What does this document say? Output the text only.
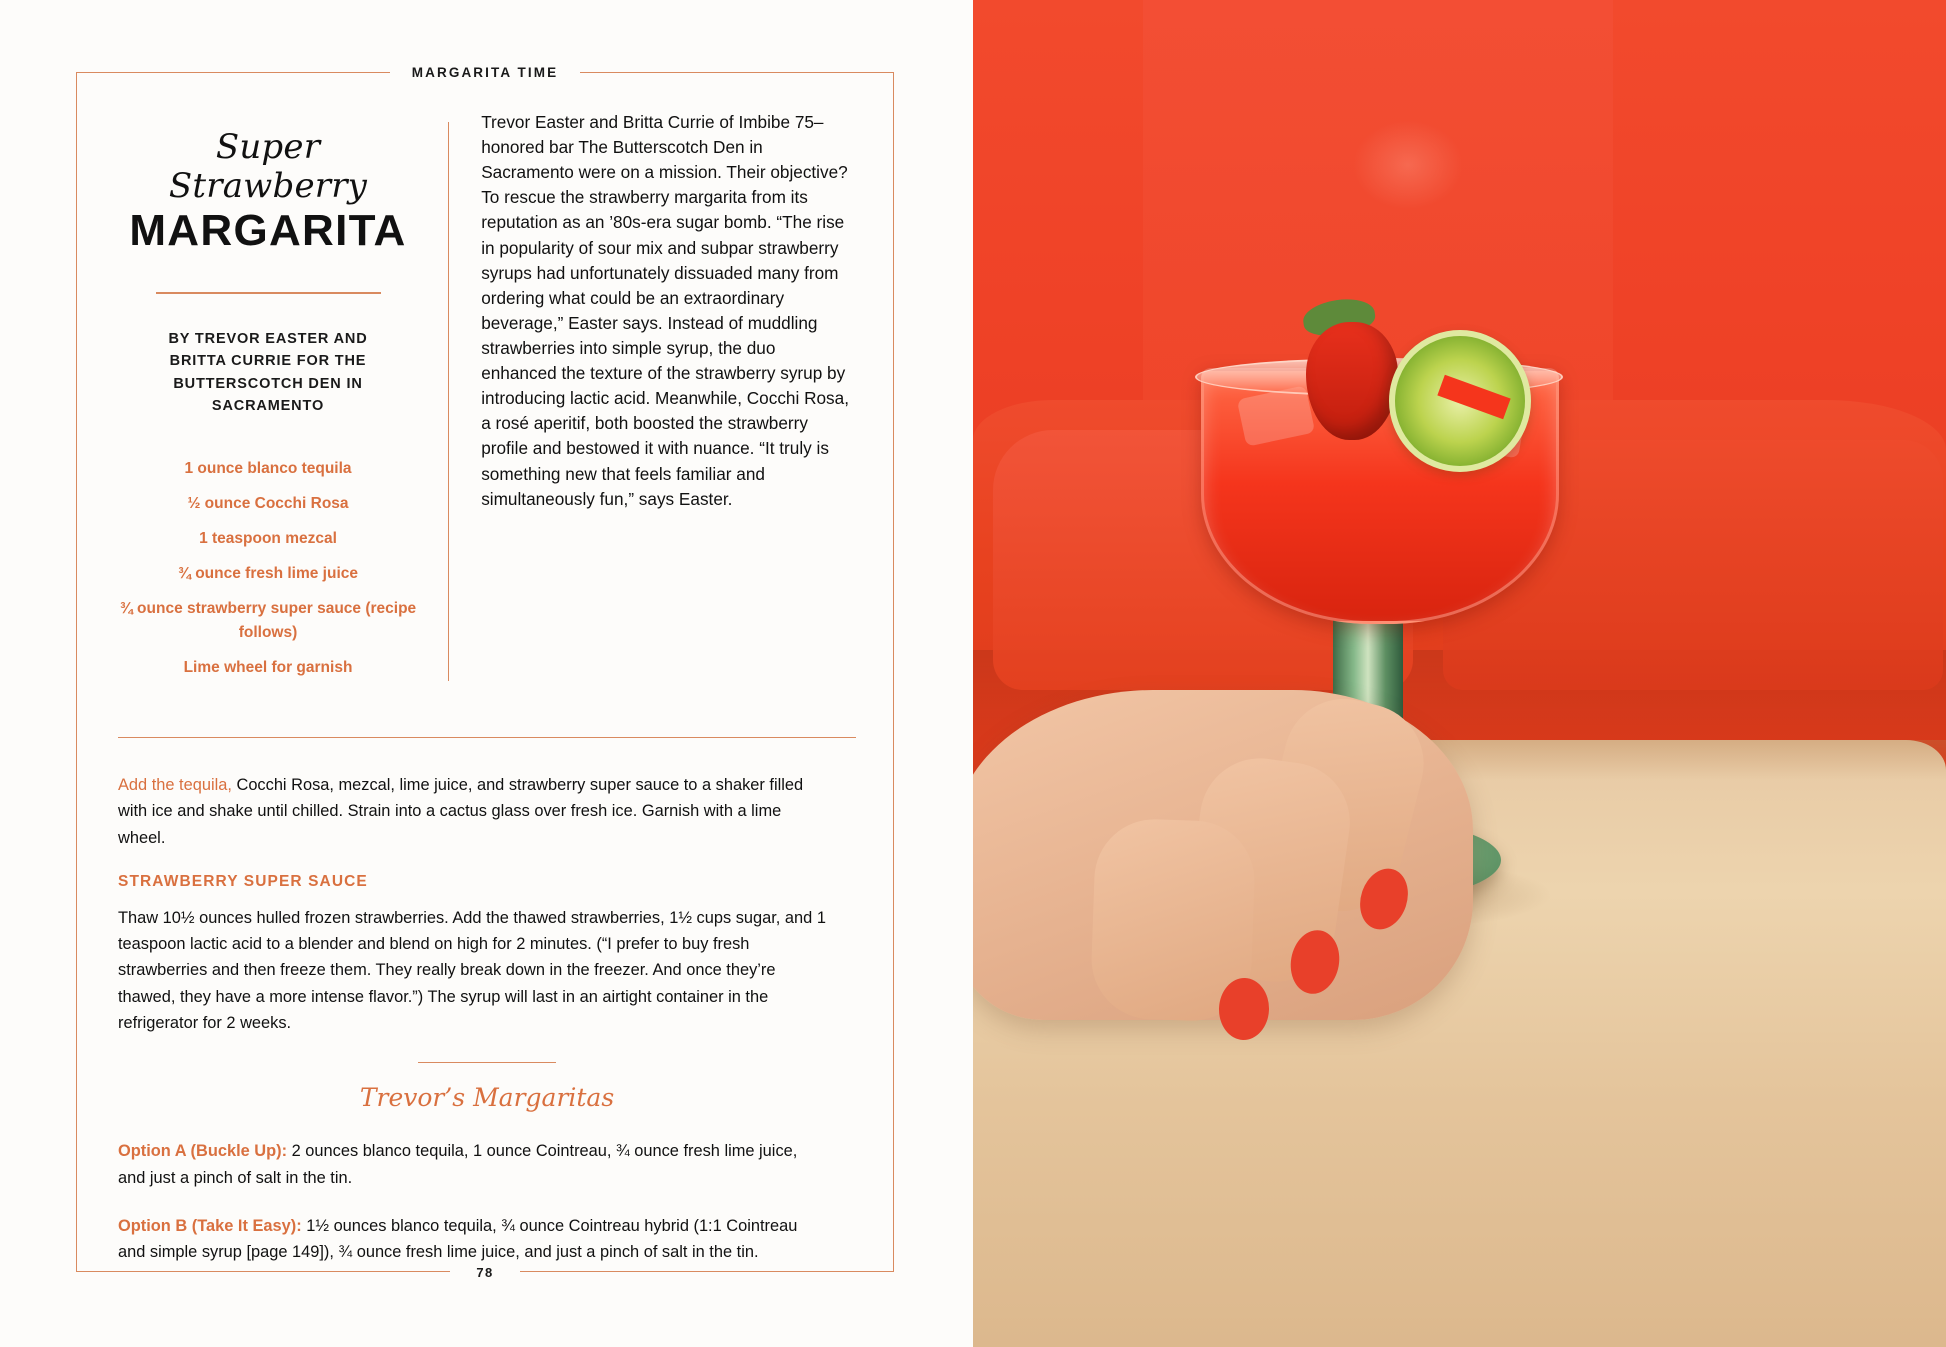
MARGARITA TIME
Super Strawberry
MARGARITA
BY TREVOR EASTER AND BRITTA CURRIE FOR THE BUTTERSCOTCH DEN IN SACRAMENTO
1 ounce blanco tequila
½ ounce Cocchi Rosa
1 teaspoon mezcal
¾ ounce fresh lime juice
¾ ounce strawberry super sauce (recipe follows)
Lime wheel for garnish

Trevor Easter and Britta Currie of Imbibe 75–honored bar The Butterscotch Den in Sacramento were on a mission. Their objective? To rescue the strawberry margarita from its reputation as an ’80s-era sugar bomb. “The rise in popularity of sour mix and subpar strawberry syrups had unfortunately dissuaded many from ordering what could be an extraordinary beverage,” Easter says. Instead of muddling strawberries into simple syrup, the duo enhanced the texture of the strawberry syrup by introducing lactic acid. Meanwhile, Cocchi Rosa, a rosé aperitif, both boosted the strawberry profile and bestowed it with nuance. “It truly is something new that feels familiar and simultaneously fun,” says Easter.

Add the tequila, Cocchi Rosa, mezcal, lime juice, and strawberry super sauce to a shaker filled with ice and shake until chilled. Strain into a cactus glass over fresh ice. Garnish with a lime wheel.

STRAWBERRY SUPER SAUCE

Thaw 10½ ounces hulled frozen strawberries. Add the thawed strawberries, 1½ cups sugar, and 1 teaspoon lactic acid to a blender and blend on high for 2 minutes. (“I prefer to buy fresh strawberries and then freeze them. They really break down in the freezer. And once they’re thawed, they have a more intense flavor.”) The syrup will last in an airtight container in the refrigerator for 2 weeks.

Trevor’s Margaritas

Option A (Buckle Up): 2 ounces blanco tequila, 1 ounce Cointreau, ¾ ounce fresh lime juice, and just a pinch of salt in the tin.

Option B (Take It Easy): 1½ ounces blanco tequila, ¾ ounce Cointreau hybrid (1:1 Cointreau and simple syrup [page 149]), ¾ ounce fresh lime juice, and just a pinch of salt in the tin.

78
